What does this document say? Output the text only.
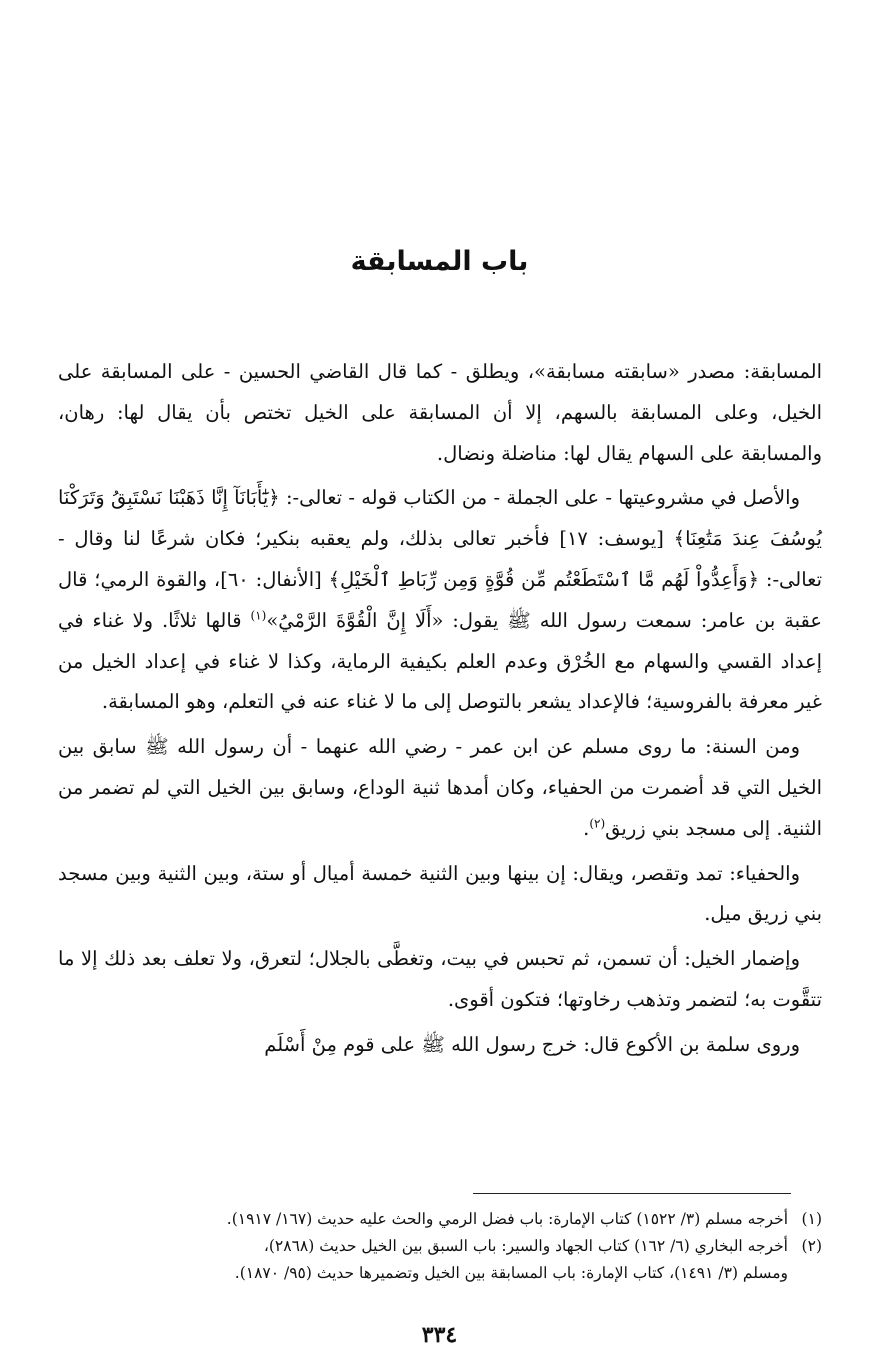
باب المسابقة

المسابقة: مصدر «سابقته مسابقة»، ويطلق - كما قال القاضي الحسين - على المسابقة على الخيل، وعلى المسابقة بالسهم، إلا أن المسابقة على الخيل تختص بأن يقال لها: رهان، والمسابقة على السهام يقال لها: مناضلة ونضال.

والأصل في مشروعيتها - على الجملة - من الكتاب قوله - تعالى-: ﴿يَٰٓأَبَانَآ إِنَّا ذَهَبْنَا نَسْتَبِقُ وَتَرَكْنَا يُوسُفَ عِندَ مَتَٰعِنَا﴾ [يوسف: ١٧] فأخبر تعالى بذلك، ولم يعقبه بنكير؛ فكان شرعًا لنا وقال - تعالى-: ﴿وَأَعِدُّواْ لَهُم مَّا ٱسْتَطَعْتُم مِّن قُوَّةٍ وَمِن رِّبَاطِ ٱلْخَيْلِ﴾ [الأنفال: ٦٠]، والقوة الرمي؛ قال عقبة بن عامر: سمعت رسول الله ﷺ يقول: «أَلَا إِنَّ الْقُوَّةَ الرَّمْيُ»$^{(١)}$ قالها ثلاثًا. ولا غناء في إعداد القسي والسهام مع الخُرْق وعدم العلم بكيفية الرماية، وكذا لا غناء في إعداد الخيل من غير معرفة بالفروسية؛ فالإعداد يشعر بالتوصل إلى ما لا غناء عنه في التعلم، وهو المسابقة.

ومن السنة: ما روى مسلم عن ابن عمر - رضي الله عنهما - أن رسول الله ﷺ سابق بين الخيل التي قد أضمرت من الحفياء، وكان أمدها ثنية الوداع، وسابق بين الخيل التي لم تضمر من الثنية. إلى مسجد بني زريق$^{(٢)}$.

والحفياء: تمد وتقصر، ويقال: إن بينها وبين الثنية خمسة أميال أو ستة، وبين الثنية وبين مسجد بني زريق ميل.

وإضمار الخيل: أن تسمن، ثم تحبس في بيت، وتغطَّى بالجلال؛ لتعرق، ولا تعلف بعد ذلك إلا ما تتقَّوت به؛ لتضمر وتذهب رخاوتها؛ فتكون أقوى.

وروى سلمة بن الأكوع قال: خرج رسول الله ﷺ على قوم مِنْ أَسْلَم

(١)أخرجه مسلم (٣/ ١٥٢٢) كتاب الإمارة: باب فضل الرمي والحث عليه حديث (١٦٧/ ١٩١٧).

(٢)أخرجه البخاري (٦/ ١٦٢) كتاب الجهاد والسير: باب السبق بين الخيل حديث (٢٨٦٨)،

ومسلم (٣/ ١٤٩١)، كتاب الإمارة: باب المسابقة بين الخيل وتضميرها حديث (٩٥/ ١٨٧٠).

٣٣٤
